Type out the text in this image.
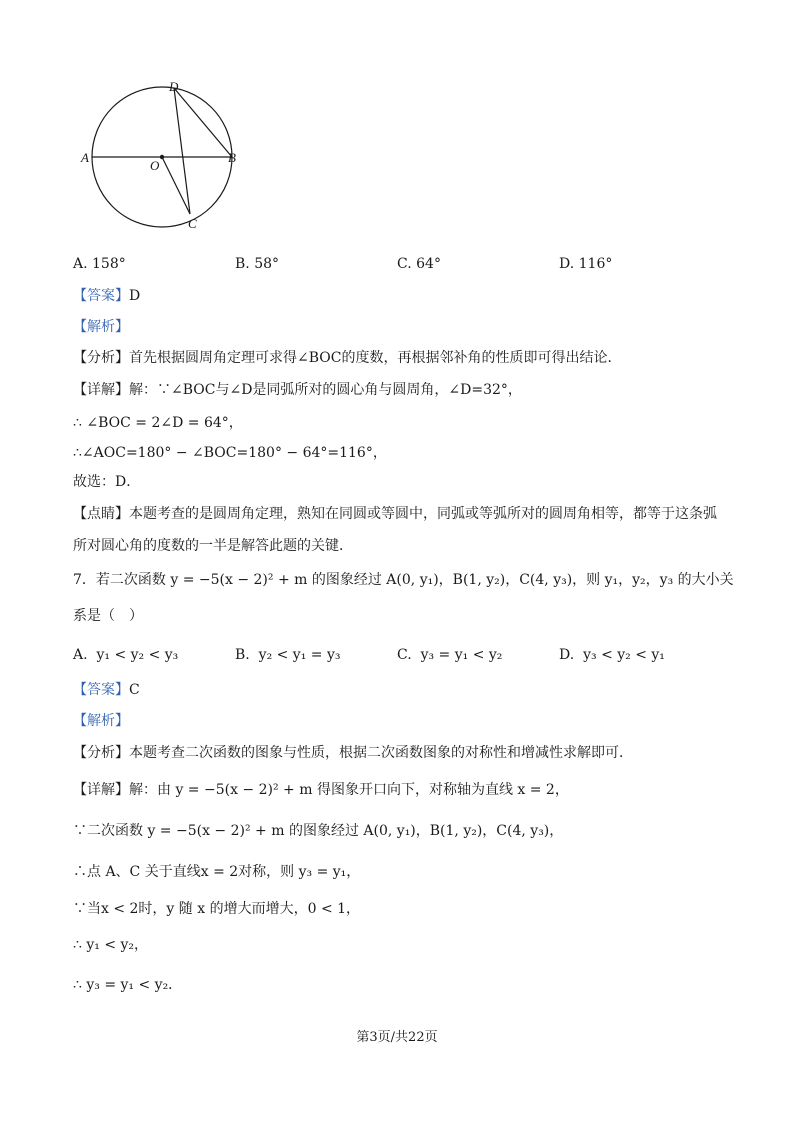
A	B
C
D
O
A. 158°	B. 58°	C. 64°	D. 116°
【答案】D
【解析】
【分析】首先根据圆周角定理可求得∠BOC的度数，再根据邻补角的性质即可得出结论．
【详解】解：∵∠BOC与∠D是同弧所对的圆心角与圆周角，∠D=32°，
∴ ∠BOC = 2∠D = 64°，
∴∠AOC=180° − ∠BOC=180° − 64°=116°，
故选：D．
【点睛】本题考查的是圆周角定理，熟知在同圆或等圆中，同弧或等弧所对的圆周角相等，都等于这条弧
所对圆心角的度数的一半是解答此题的关键．
7．若二次函数 y = −5(x − 2)² + m 的图象经过 A(0, y₁)，B(1, y₂)，C(4, y₃)，则 y₁，y₂，y₃ 的大小关
系是（　）
A. y₁ < y₂ < y₃	B. y₂ < y₁ = y₃	C. y₃ = y₁ < y₂	D. y₃ < y₂ < y₁
【答案】C
【解析】
【分析】本题考查二次函数的图象与性质，根据二次函数图象的对称性和增减性求解即可．
【详解】解：由 y = −5(x − 2)² + m 得图象开口向下，对称轴为直线 x = 2，
∵二次函数 y = −5(x − 2)² + m 的图象经过 A(0, y₁)，B(1, y₂)，C(4, y₃)，
∴点 A、C 关于直线x = 2对称，则 y₃ = y₁，
∵当x < 2时，y 随 x 的增大而增大，0 < 1，
∴ y₁ < y₂，
∴ y₃ = y₁ < y₂．
第3页/共22页
